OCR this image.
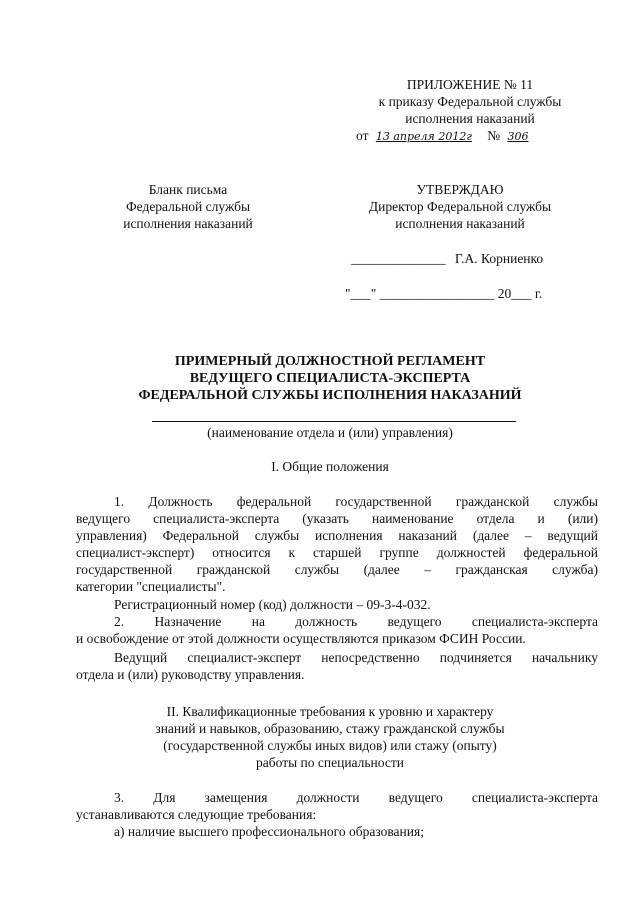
ПРИЛОЖЕНИЕ № 11
к приказу Федеральной службы
исполнения наказаний
от 13 апреля 2012г № 306
Бланк письма
Федеральной службы
исполнения наказаний
УТВЕРЖДАЮ
Директор Федеральной службы
исполнения наказаний
______________ Г.А. Корниенко
"___" _________________ 20___ г.
ПРИМЕРНЫЙ ДОЛЖНОСТНОЙ РЕГЛАМЕНТ
ВЕДУЩЕГО СПЕЦИАЛИСТА-ЭКСПЕРТА
ФЕДЕРАЛЬНОЙ СЛУЖБЫ ИСПОЛНЕНИЯ НАКАЗАНИЙ
(наименование отдела и (или) управления)
I. Общие положения
1. Должность федеральной государственной гражданской службы
ведущего специалиста-эксперта (указать наименование отдела и (или)
управления) Федеральной службы исполнения наказаний (далее – ведущий
специалист-эксперт) относится к старшей группе должностей федеральной
государственной гражданской службы (далее – гражданская служба)
категории "специалисты".
Регистрационный номер (код) должности – 09-3-4-032.
2. Назначение на должность ведущего специалиста-эксперта
и освобождение от этой должности осуществляются приказом ФСИН России.
Ведущий специалист-эксперт непосредственно подчиняется начальнику
отдела и (или) руководству управления.
II. Квалификационные требования к уровню и характеру
знаний и навыков, образованию, стажу гражданской службы
(государственной службы иных видов) или стажу (опыту)
работы по специальности
3. Для замещения должности ведущего специалиста-эксперта
устанавливаются следующие требования:
а) наличие высшего профессионального образования;
